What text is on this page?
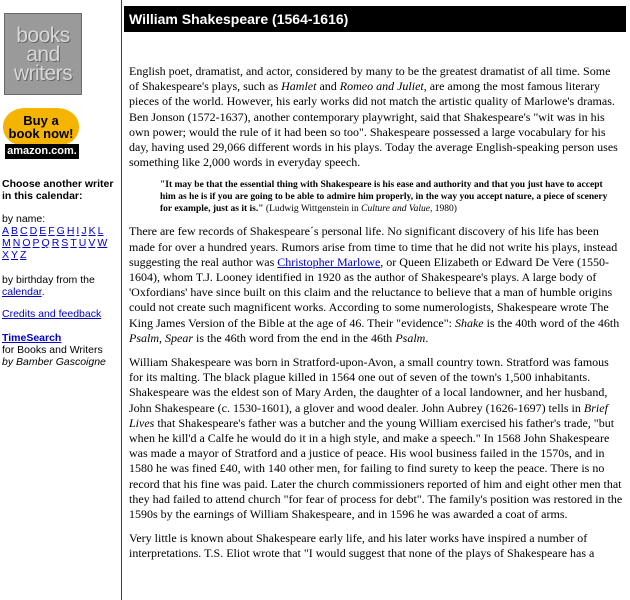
books
and
writers
Buy a
book now!
amazon.com.
Choose another writer in this calendar:
by name:
A B C D E F G H I J K L
M N O P Q R S T U V W
X Y Z
by birthday from the calendar.
Credits and feedback
TimeSearch
for Books and Writers
by Bamber Gascoigne
William Shakespeare (1564-1616)

English poet, dramatist, and actor, considered by many to be the greatest dramatist of all time. Some of Shakespeare's plays, such as Hamlet and Romeo and Juliet, are among the most famous literary pieces of the world. However, his early works did not match the artistic quality of Marlowe's dramas. Ben Jonson (1572-1637), another contemporary playwright, said that Shakespeare's "wit was in his own power; would the rule of it had been so too". Shakespeare possessed a large vocabulary for his day, having used 29,066 different words in his plays. Today the average English-speaking person uses something like 2,000 words in everyday speech.

"It may be that the essential thing with Shakespeare is his ease and authority and that you just have to accept him as he is if you are going to be able to admire him properly, in the way you accept nature, a piece of scenery for example, just as it is." (Ludwig Wittgenstein in Culture and Value, 1980)

There are few records of Shakespeare´s personal life. No significant discovery of his life has been made for over a hundred years. Rumors arise from time to time that he did not write his plays, instead suggesting the real author was Christopher Marlowe, or Queen Elizabeth or Edward De Vere (1550-1604), whom T.J. Looney identified in 1920 as the author of Shakespeare's plays. A large body of 'Oxfordians' have since built on this claim and the reluctance to believe that a man of humble origins could not create such magnificent works. According to some numerologists, Shakespeare wrote The King James Version of the Bible at the age of 46. Their "evidence": Shake is the 40th word of the 46th Psalm, Spear is the 46th word from the end in the 46th Psalm.

William Shakespeare was born in Stratford-upon-Avon, a small country town. Stratford was famous for its malting. The black plague killed in 1564 one out of seven of the town's 1,500 inhabitants. Shakespeare was the eldest son of Mary Arden, the daughter of a local landowner, and her husband, John Shakespeare (c. 1530-1601), a glover and wood dealer. John Aubrey (1626-1697) tells in Brief Lives that Shakespeare's father was a butcher and the young William exercised his father's trade, "but when he kill'd a Calfe he would do it in a high style, and make a speech." In 1568 John Shakespeare was made a mayor of Stratford and a justice of peace. His wool business failed in the 1570s, and in 1580 he was fined £40, with 140 other men, for failing to find surety to keep the peace. There is no record that his fine was paid. Later the church commissioners reported of him and eight other men that they had failed to attend church "for fear of process for debt". The family's position was restored in the 1590s by the earnings of William Shakespeare, and in 1596 he was awarded a coat of arms.

Very little is known about Shakespeare early life, and his later works have inspired a number of interpretations. T.S. Eliot wrote that "I would suggest that none of the plays of Shakespeare has a
